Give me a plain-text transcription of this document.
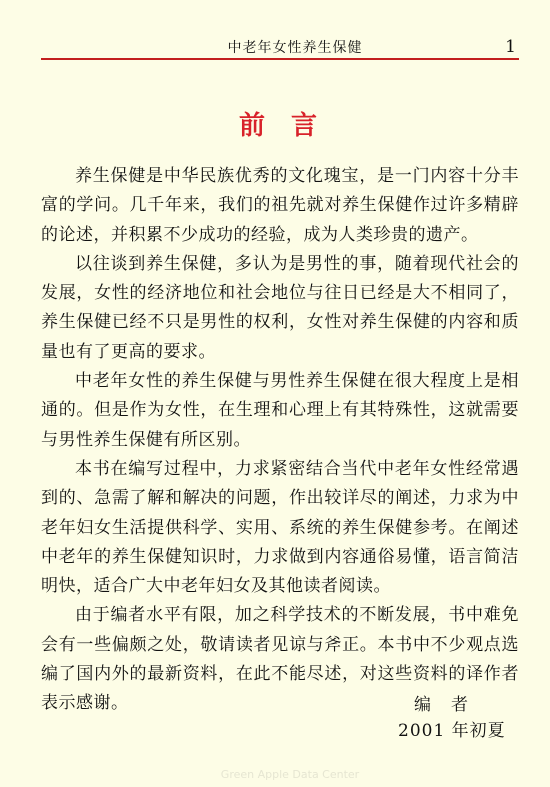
中老年女性养生保健	1
前言

养生保健是中华民族优秀的文化瑰宝，是一门内容十分丰富的学问。几千年来，我们的祖先就对养生保健作过许多精辟的论述，并积累不少成功的经验，成为人类珍贵的遗产。

以往谈到养生保健，多认为是男性的事，随着现代社会的发展，女性的经济地位和社会地位与往日已经是大不相同了，养生保健已经不只是男性的权利，女性对养生保健的内容和质量也有了更高的要求。

中老年女性的养生保健与男性养生保健在很大程度上是相通的。但是作为女性，在生理和心理上有其特殊性，这就需要与男性养生保健有所区别。

本书在编写过程中，力求紧密结合当代中老年女性经常遇到的、急需了解和解决的问题，作出较详尽的阐述，力求为中老年妇女生活提供科学、实用、系统的养生保健参考。在阐述中老年的养生保健知识时，力求做到内容通俗易懂，语言简洁明快，适合广大中老年妇女及其他读者阅读。

由于编者水平有限，加之科学技术的不断发展，书中难免会有一些偏颇之处，敬请读者见谅与斧正。本书中不少观点选编了国内外的最新资料，在此不能尽述，对这些资料的译作者表示感谢。	编者
2001 年初夏
Green Apple Data Center
